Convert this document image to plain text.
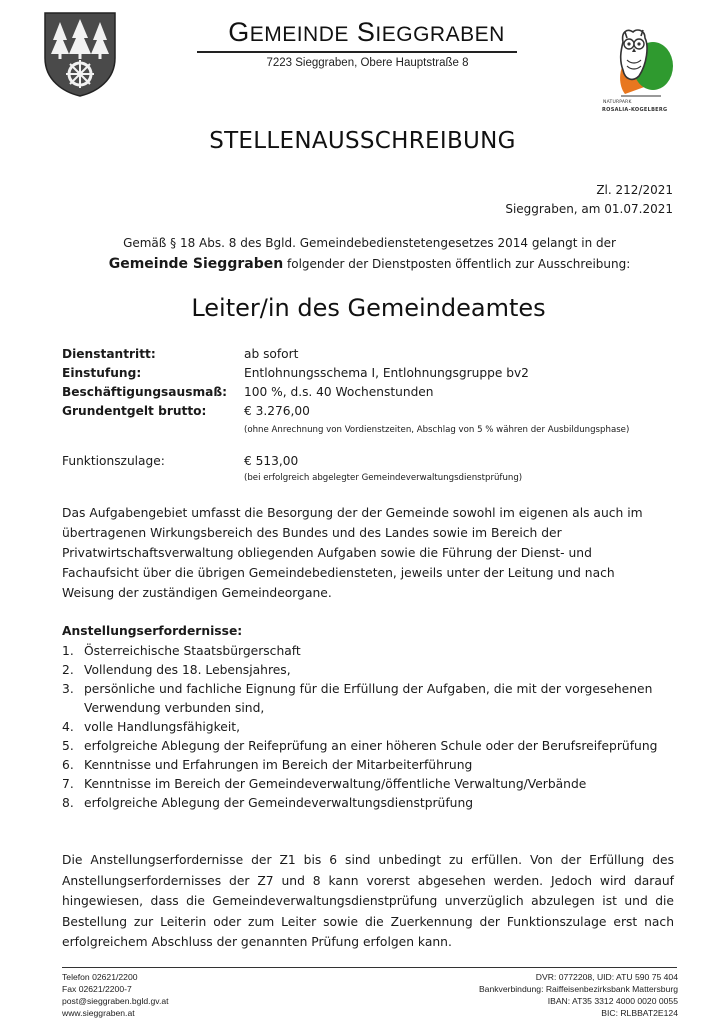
GEMEINDE SIEGGRABEN
7223 Sieggraben, Obere Hauptstraße 8
NATURPARK
ROSALIA-KOGELBERG
STELLENAUSSCHREIBUNG
Zl. 212/2021
Sieggraben, am 01.07.2021
Gemäß § 18 Abs. 8 des Bgld. Gemeindebedienstetengesetzes 2014 gelangt in der
Gemeinde Sieggraben folgender der Dienstposten öffentlich zur Ausschreibung:
Leiter/in des Gemeindeamtes
Dienstantritt:	ab sofort
Einstufung:	Entlohnungsschema I, Entlohnungsgruppe bv2
Beschäftigungsausmaß: 100 %, d.s. 40 Wochenstunden
Grundentgelt brutto:	€ 3.276,00
(ohne Anrechnung von Vordienstzeiten, Abschlag von 5 % währen der Ausbildungsphase)
Funktionszulage:	€ 513,00
(bei erfolgreich abgelegter Gemeindeverwaltungsdienstprüfung)
Das Aufgabengebiet umfasst die Besorgung der der Gemeinde sowohl im eigenen als auch im
übertragenen Wirkungsbereich des Bundes und des Landes sowie im Bereich der
Privatwirtschaftsverwaltung obliegenden Aufgaben sowie die Führung der Dienst- und
Fachaufsicht über die übrigen Gemeindebediensteten, jeweils unter der Leitung und nach
Weisung der zuständigen Gemeindeorgane.
Anstellungserfordernisse:
1. Österreichische Staatsbürgerschaft
2. Vollendung des 18. Lebensjahres,
3. persönliche und fachliche Eignung für die Erfüllung der Aufgaben, die mit der vorgesehenen Verwendung verbunden sind,
4. volle Handlungsfähigkeit,
5. erfolgreiche Ablegung der Reifeprüfung an einer höheren Schule oder der Berufsreifeprüfung
6. Kenntnisse und Erfahrungen im Bereich der Mitarbeiterführung
7. Kenntnisse im Bereich der Gemeindeverwaltung/öffentliche Verwaltung/Verbände
8. erfolgreiche Ablegung der Gemeindeverwaltungsdienstprüfung
Die Anstellungserfordernisse der Z1 bis 6 sind unbedingt zu erfüllen. Von der Erfüllung des Anstellungserfordernisses der Z7 und 8 kann vorerst abgesehen werden. Jedoch wird darauf hingewiesen, dass die Gemeindeverwaltungsdienstprüfung unverzüglich abzulegen ist und die Bestellung zur Leiterin oder zum Leiter sowie die Zuerkennung der Funktionszulage erst nach erfolgreichem Abschluss der genannten Prüfung erfolgen kann.
Telefon 02621/2200
Fax 02621/2200-7
post@sieggraben.bgld.gv.at
www.sieggraben.at
DVR: 0772208, UID: ATU 590 75 404
Bankverbindung: Raiffeisenbezirksbank Mattersburg
IBAN: AT35 3312 4000 0020 0055
BIC: RLBBAT2E124
